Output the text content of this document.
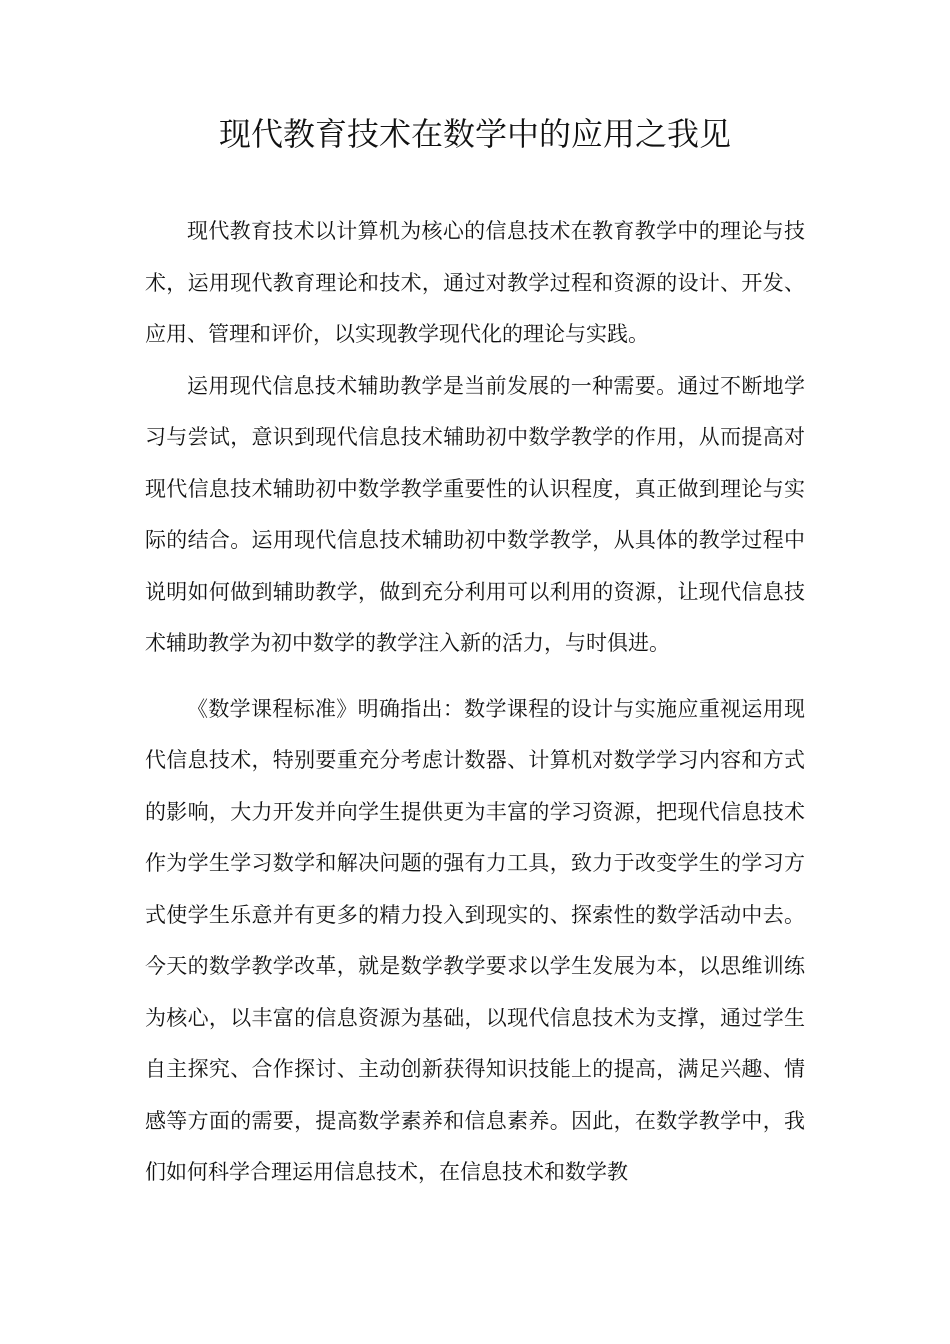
现代教育技术在数学中的应用之我见

现代教育技术以计算机为核心的信息技术在教育教学中的理论与技术，运用现代教育理论和技术，通过对教学过程和资源的设计、开发、应用、管理和评价，以实现教学现代化的理论与实践。

运用现代信息技术辅助教学是当前发展的一种需要。通过不断地学习与尝试，意识到现代信息技术辅助初中数学教学的作用，从而提高对现代信息技术辅助初中数学教学重要性的认识程度，真正做到理论与实际的结合。运用现代信息技术辅助初中数学教学，从具体的教学过程中说明如何做到辅助教学，做到充分利用可以利用的资源，让现代信息技术辅助教学为初中数学的教学注入新的活力，与时俱进。

《数学课程标准》明确指出：数学课程的设计与实施应重视运用现代信息技术，特别要重充分考虑计数器、计算机对数学学习内容和方式的影响，大力开发并向学生提供更为丰富的学习资源，把现代信息技术作为学生学习数学和解决问题的强有力工具，致力于改变学生的学习方式使学生乐意并有更多的精力投入到现实的、探索性的数学活动中去。今天的数学教学改革，就是数学教学要求以学生发展为本，以思维训练为核心，以丰富的信息资源为基础，以现代信息技术为支撑，通过学生自主探究、合作探讨、主动创新获得知识技能上的提高，满足兴趣、情感等方面的需要，提高数学素养和信息素养。因此，在数学教学中，我们如何科学合理运用信息技术，在信息技术和数学教
